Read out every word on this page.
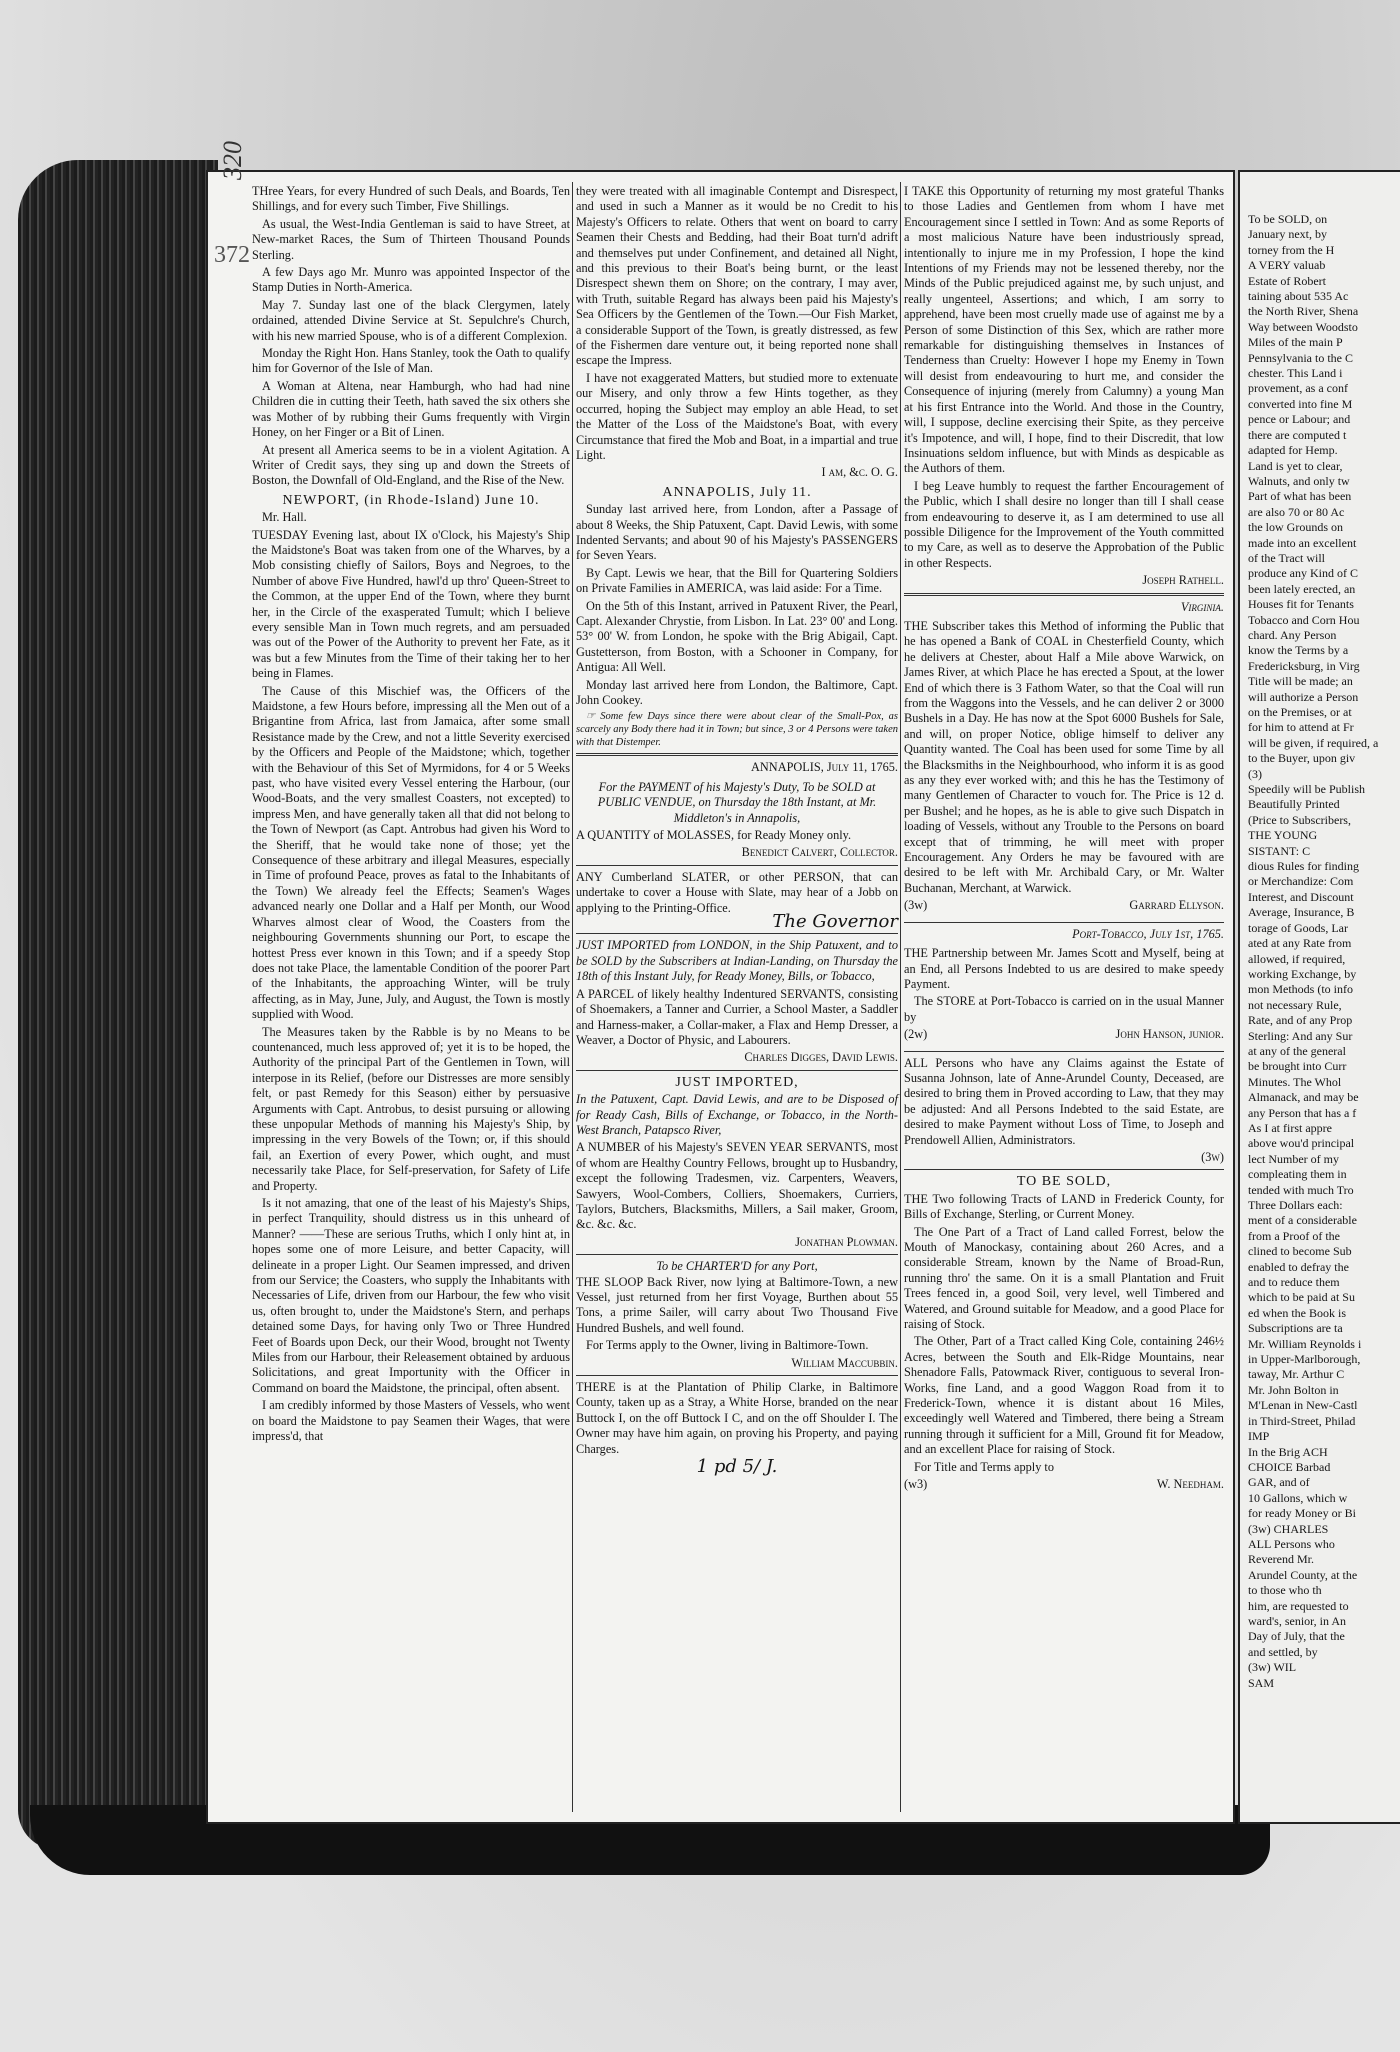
320
372

THree Years, for every Hundred of such Deals, and Boards, Ten Shillings, and for every such Timber, Five Shillings.

As usual, the West-India Gentleman is said to have Street, at New-market Races, the Sum of Thirteen Thousand Pounds Sterling.

A few Days ago Mr. Munro was appointed Inspector of the Stamp Duties in North-America.

May 7. Sunday last one of the black Clergymen, lately ordained, attended Divine Service at St. Sepulchre's Church, with his new married Spouse, who is of a different Complexion.

Monday the Right Hon. Hans Stanley, took the Oath to qualify him for Governor of the Isle of Man.

A Woman at Altena, near Hamburgh, who had had nine Children die in cutting their Teeth, hath saved the six others she was Mother of by rubbing their Gums frequently with Virgin Honey, on her Finger or a Bit of Linen.

At present all America seems to be in a violent Agitation. A Writer of Credit says, they sing up and down the Streets of Boston, the Downfall of Old-England, and the Rise of the New.

NEWPORT, (in Rhode-Island) June 10.

Mr. Hall.

TUESDAY Evening last, about IX o'Clock, his Majesty's Ship the Maidstone's Boat was taken from one of the Wharves, by a Mob consisting chiefly of Sailors, Boys and Negroes, to the Number of above Five Hundred, hawl'd up thro' Queen-Street to the Common, at the upper End of the Town, where they burnt her, in the Circle of the exasperated Tumult; which I believe every sensible Man in Town much regrets, and am persuaded was out of the Power of the Authority to prevent her Fate, as it was but a few Minutes from the Time of their taking her to her being in Flames.

The Cause of this Mischief was, the Officers of the Maidstone, a few Hours before, impressing all the Men out of a Brigantine from Africa, last from Jamaica, after some small Resistance made by the Crew, and not a little Severity exercised by the Officers and People of the Maidstone; which, together with the Behaviour of this Set of Myrmidons, for 4 or 5 Weeks past, who have visited every Vessel entering the Harbour, (our Wood-Boats, and the very smallest Coasters, not excepted) to impress Men, and have generally taken all that did not belong to the Town of Newport (as Capt. Antrobus had given his Word to the Sheriff, that he would take none of those; yet the Consequence of these arbitrary and illegal Measures, especially in Time of profound Peace, proves as fatal to the Inhabitants of the Town) We already feel the Effects; Seamen's Wages advanced nearly one Dollar and a Half per Month, our Wood Wharves almost clear of Wood, the Coasters from the neighbouring Governments shunning our Port, to escape the hottest Press ever known in this Town; and if a speedy Stop does not take Place, the lamentable Condition of the poorer Part of the Inhabitants, the approaching Winter, will be truly affecting, as in May, June, July, and August, the Town is mostly supplied with Wood.

The Measures taken by the Rabble is by no Means to be countenanced, much less approved of; yet it is to be hoped, the Authority of the principal Part of the Gentlemen in Town, will interpose in its Relief, (before our Distresses are more sensibly felt, or past Remedy for this Season) either by persuasive Arguments with Capt. Antrobus, to desist pursuing or allowing these unpopular Methods of manning his Majesty's Ship, by impressing in the very Bowels of the Town; or, if this should fail, an Exertion of every Power, which ought, and must necessarily take Place, for Self-preservation, for Safety of Life and Property.

Is it not amazing, that one of the least of his Majesty's Ships, in perfect Tranquility, should distress us in this unheard of Manner? ——These are serious Truths, which I only hint at, in hopes some one of more Leisure, and better Capacity, will delineate in a proper Light. Our Seamen impressed, and driven from our Service; the Coasters, who supply the Inhabitants with Necessaries of Life, driven from our Harbour, the few who visit us, often brought to, under the Maidstone's Stern, and perhaps detained some Days, for having only Two or Three Hundred Feet of Boards upon Deck, our their Wood, brought not Twenty Miles from our Harbour, their Releasement obtained by arduous Solicitations, and great Importunity with the Officer in Command on board the Maidstone, the principal, often absent.

I am credibly informed by those Masters of Vessels, who went on board the Maidstone to pay Seamen their Wages, that were impress'd, that

they were treated with all imaginable Contempt and Disrespect, and used in such a Manner as it would be no Credit to his Majesty's Officers to relate. Others that went on board to carry Seamen their Chests and Bedding, had their Boat turn'd adrift and themselves put under Confinement, and detained all Night, and this previous to their Boat's being burnt, or the least Disrespect shewn them on Shore; on the contrary, I may aver, with Truth, suitable Regard has always been paid his Majesty's Sea Officers by the Gentlemen of the Town.—Our Fish Market, a considerable Support of the Town, is greatly distressed, as few of the Fishermen dare venture out, it being reported none shall escape the Impress.

I have not exaggerated Matters, but studied more to extenuate our Misery, and only throw a few Hints together, as they occurred, hoping the Subject may employ an able Head, to set the Matter of the Loss of the Maidstone's Boat, with every Circumstance that fired the Mob and Boat, in a impartial and true Light.

I am, &c. O. G.
ANNAPOLIS, July 11.

Sunday last arrived here, from London, after a Passage of about 8 Weeks, the Ship Patuxent, Capt. David Lewis, with some Indented Servants; and about 90 of his Majesty's PASSENGERS for Seven Years.

By Capt. Lewis we hear, that the Bill for Quartering Soldiers on Private Families in AMERICA, was laid aside: For a Time.

On the 5th of this Instant, arrived in Patuxent River, the Pearl, Capt. Alexander Chrystie, from Lisbon. In Lat. 23° 00' and Long. 53° 00' W. from London, he spoke with the Brig Abigail, Capt. Gustetterson, from Boston, with a Schooner in Company, for Antigua: All Well.

Monday last arrived here from London, the Baltimore, Capt. John Cookey.

☞ Some few Days since there were about clear of the Small-Pox, as scarcely any Body there had it in Town; but since, 3 or 4 Persons were taken with that Distemper.

ANNAPOLIS, July 11, 1765.

For the PAYMENT of his Majesty's Duty, To be SOLD at PUBLIC VENDUE, on Thursday the 18th Instant, at Mr. Middleton's in Annapolis,

A QUANTITY of MOLASSES, for Ready Money only.

Benedict Calvert, Collector.

ANY Cumberland SLATER, or other PERSON, that can undertake to cover a House with Slate, may hear of a Jobb on applying to the Printing-Office.

The Governor

JUST IMPORTED from LONDON, in the Ship Patuxent, and to be SOLD by the Subscribers at Indian-Landing, on Thursday the 18th of this Instant July, for Ready Money, Bills, or Tobacco,

A PARCEL of likely healthy Indentured SERVANTS, consisting of Shoemakers, a Tanner and Currier, a School Master, a Saddler and Harness-maker, a Collar-maker, a Flax and Hemp Dresser, a Weaver, a Doctor of Physic, and Labourers.

Charles Digges, David Lewis.
JUST IMPORTED,

In the Patuxent, Capt. David Lewis, and are to be Disposed of for Ready Cash, Bills of Exchange, or Tobacco, in the North-West Branch, Patapsco River,

A NUMBER of his Majesty's SEVEN YEAR SERVANTS, most of whom are Healthy Country Fellows, brought up to Husbandry, except the following Tradesmen, viz. Carpenters, Weavers, Sawyers, Wool-Combers, Colliers, Shoemakers, Curriers, Taylors, Butchers, Blacksmiths, Millers, a Sail maker, Groom, &c. &c. &c.

Jonathan Plowman.
To be CHARTER'D for any Port,

THE SLOOP Back River, now lying at Baltimore-Town, a new Vessel, just returned from her first Voyage, Burthen about 55 Tons, a prime Sailer, will carry about Two Thousand Five Hundred Bushels, and well found.

For Terms apply to the Owner, living in Baltimore-Town.

William Maccubbin.

THERE is at the Plantation of Philip Clarke, in Baltimore County, taken up as a Stray, a White Horse, branded on the near Buttock I, on the off Buttock I C, and on the off Shoulder I. The Owner may have him again, on proving his Property, and paying Charges.

1 pd 5/ J.

I TAKE this Opportunity of returning my most grateful Thanks to those Ladies and Gentlemen from whom I have met Encouragement since I settled in Town: And as some Reports of a most malicious Nature have been industriously spread, intentionally to injure me in my Profession, I hope the kind Intentions of my Friends may not be lessened thereby, nor the Minds of the Public prejudiced against me, by such unjust, and really ungenteel, Assertions; and which, I am sorry to apprehend, have been most cruelly made use of against me by a Person of some Distinction of this Sex, which are rather more remarkable for distinguishing themselves in Instances of Tenderness than Cruelty: However I hope my Enemy in Town will desist from endeavouring to hurt me, and consider the Consequence of injuring (merely from Calumny) a young Man at his first Entrance into the World. And those in the Country, will, I suppose, decline exercising their Spite, as they perceive it's Impotence, and will, I hope, find to their Discredit, that low Insinuations seldom influence, but with Minds as despicable as the Authors of them.

I beg Leave humbly to request the farther Encouragement of the Public, which I shall desire no longer than till I shall cease from endeavouring to deserve it, as I am determined to use all possible Diligence for the Improvement of the Youth committed to my Care, as well as to deserve the Approbation of the Public in other Respects.

Joseph Rathell.
Virginia.

THE Subscriber takes this Method of informing the Public that he has opened a Bank of COAL in Chesterfield County, which he delivers at Chester, about Half a Mile above Warwick, on James River, at which Place he has erected a Spout, at the lower End of which there is 3 Fathom Water, so that the Coal will run from the Waggons into the Vessels, and he can deliver 2 or 3000 Bushels in a Day. He has now at the Spot 6000 Bushels for Sale, and will, on proper Notice, oblige himself to deliver any Quantity wanted. The Coal has been used for some Time by all the Blacksmiths in the Neighbourhood, who inform it is as good as any they ever worked with; and this he has the Testimony of many Gentlemen of Character to vouch for. The Price is 12 d. per Bushel; and he hopes, as he is able to give such Dispatch in loading of Vessels, without any Trouble to the Persons on board except that of trimming, he will meet with proper Encouragement. Any Orders he may be favoured with are desired to be left with Mr. Archibald Cary, or Mr. Walter Buchanan, Merchant, at Warwick.

(3w)	Garrard Ellyson.
Port-Tobacco, July 1st, 1765.

THE Partnership between Mr. James Scott and Myself, being at an End, all Persons Indebted to us are desired to make speedy Payment.

The STORE at Port-Tobacco is carried on in the usual Manner by

(2w)	John Hanson, junior.

ALL Persons who have any Claims against the Estate of Susanna Johnson, late of Anne-Arundel County, Deceased, are desired to bring them in Proved according to Law, that they may be adjusted: And all Persons Indebted to the said Estate, are desired to make Payment without Loss of Time, to Joseph and Prendowell Allien, Administrators.

(3w)
TO BE SOLD,

THE Two following Tracts of LAND in Frederick County, for Bills of Exchange, Sterling, or Current Money.

The One Part of a Tract of Land called Forrest, below the Mouth of Manockasy, containing about 260 Acres, and a considerable Stream, known by the Name of Broad-Run, running thro' the same. On it is a small Plantation and Fruit Trees fenced in, a good Soil, very level, well Timbered and Watered, and Ground suitable for Meadow, and a good Place for raising of Stock.

The Other, Part of a Tract called King Cole, containing 246½ Acres, between the South and Elk-Ridge Mountains, near Shenadore Falls, Patowmack River, contiguous to several Iron-Works, fine Land, and a good Waggon Road from it to Frederick-Town, whence it is distant about 16 Miles, exceedingly well Watered and Timbered, there being a Stream running through it sufficient for a Mill, Ground fit for Meadow, and an excellent Place for raising of Stock.

For Title and Terms apply to

(w3)	W. Needham.

To be SOLD, on

January next, by

torney from the H

A VERY valuab

Estate of Robert

taining about 535 Ac

the North River, Shena

Way between Woodsto

Miles of the main P

Pennsylvania to the C

chester. This Land i

provement, as a conf

converted into fine M

pence or Labour; and

there are computed t

adapted for Hemp.

Land is yet to clear,

Walnuts, and only tw

Part of what has been

are also 70 or 80 Ac

the low Grounds on

made into an excellent

of the Tract will

produce any Kind of C

been lately erected, an

Houses fit for Tenants

Tobacco and Corn Hou

chard. Any Person

know the Terms by a

Fredericksburg, in Virg

Title will be made; an

will authorize a Person

on the Premises, or at

for him to attend at Fr

will be given, if required, a

to the Buyer, upon giv

(3)

Speedily will be Publish

Beautifully Printed

(Price to Subscribers,

THE YOUNG

SISTANT: C

dious Rules for finding

or Merchandize: Com

Interest, and Discount

Average, Insurance, B

torage of Goods, Lar

ated at any Rate from

allowed, if required,

working Exchange, by

mon Methods (to info

not necessary Rule,

Rate, and of any Prop

Sterling: And any Sur

at any of the general

be brought into Curr

Minutes. The Whol

Almanack, and may be

any Person that has a f

As I at first appre

above wou'd principal

lect Number of my

compleating them in

tended with much Tro

Three Dollars each:

ment of a considerable

from a Proof of the

clined to become Sub

enabled to defray the

and to reduce them

which to be paid at Su

ed when the Book is

Subscriptions are ta

Mr. William Reynolds i

in Upper-Marlborough,

taway, Mr. Arthur C

Mr. John Bolton in

M'Lenan in New-Castl

in Third-Street, Philad

IMP

In the Brig ACH

CHOICE Barbad

GAR, and of

10 Gallons, which w

for ready Money or Bi

(3w) CHARLES

ALL Persons who

Reverend Mr.

Arundel County, at the

to those who th

him, are requested to

ward's, senior, in An

Day of July, that the

and settled, by

(3w) WIL

SAM
